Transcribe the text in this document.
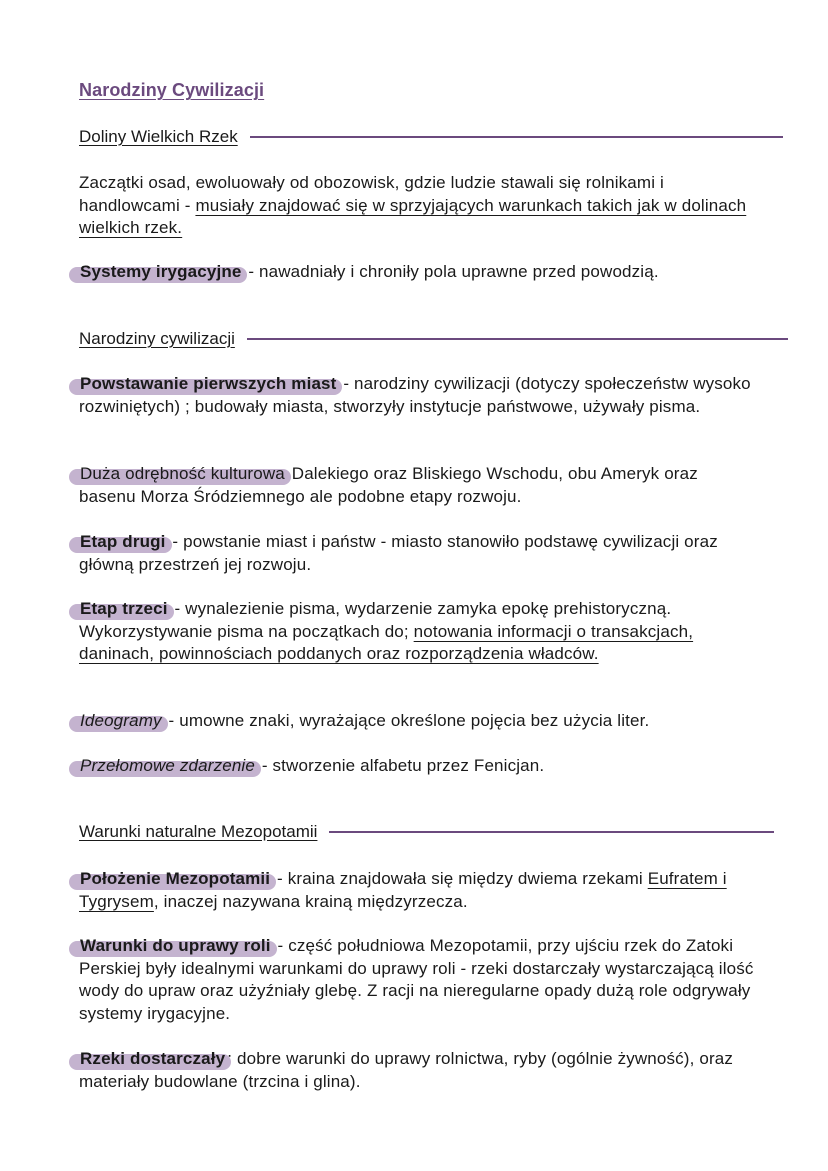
Narodziny Cywilizacji
Doliny Wielkich Rzek
Zaczątki osad, ewoluowały od obozowisk, gdzie ludzie stawali się rolnikami i handlowcami - musiały znajdować się w sprzyjających warunkach takich jak w dolinach wielkich rzek.
Systemy irygacyjne - nawadniały i chroniły pola uprawne przed powodzią.
Narodziny cywilizacji
Powstawanie pierwszych miast - narodziny cywilizacji (dotyczy społeczeństw wysoko rozwiniętych) ; budowały miasta, stworzyły instytucje państwowe, używały pisma.
Duża odrębność kulturowa Dalekiego oraz Bliskiego Wschodu, obu Ameryk oraz basenu Morza Śródziemnego ale podobne etapy rozwoju.
Etap drugi - powstanie miast i państw - miasto stanowiło podstawę cywilizacji oraz główną przestrzeń jej rozwoju.
Etap trzeci - wynalezienie pisma, wydarzenie zamyka epokę prehistoryczną. Wykorzystywanie pisma na początkach do; notowania informacji o transakcjach, daninach, powinnościach poddanych oraz rozporządzenia władców.
Ideogramy - umowne znaki, wyrażające określone pojęcia bez użycia liter.
Przełomowe zdarzenie - stworzenie alfabetu przez Fenicjan.
Warunki naturalne Mezopotamii
Położenie Mezopotamii - kraina znajdowała się między dwiema rzekami Eufratem i Tygrysem, inaczej nazywana krainą międzyrzecza.
Warunki do uprawy roli - część południowa Mezopotamii, przy ujściu rzek do Zatoki Perskiej były idealnymi warunkami do uprawy roli - rzeki dostarczały wystarczającą ilość wody do upraw oraz użyźniały glebę. Z racji na nieregularne opady dużą role odgrywały systemy irygacyjne.
Rzeki dostarczały : dobre warunki do uprawy rolnictwa, ryby (ogólnie żywność), oraz materiały budowlane (trzcina i glina).
